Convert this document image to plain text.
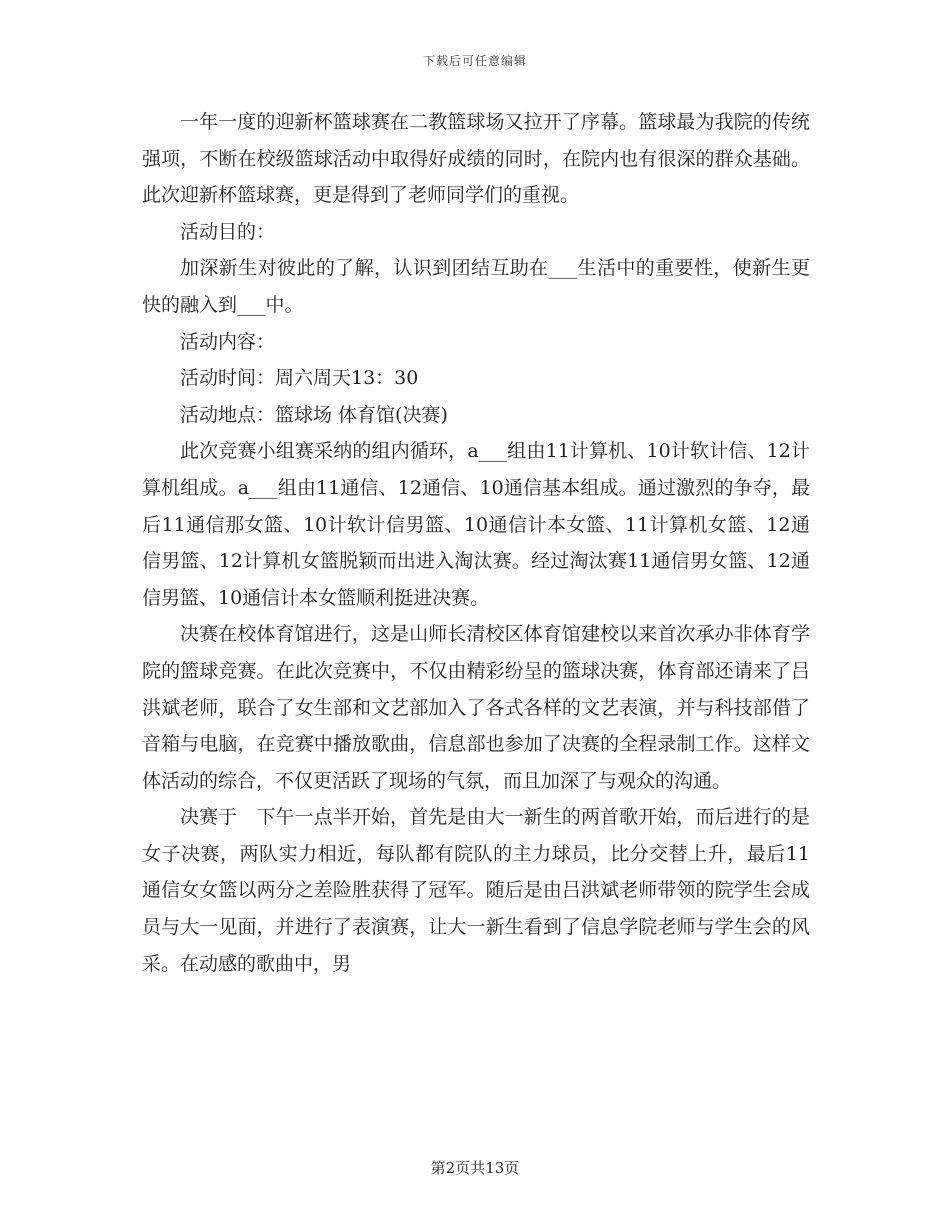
下载后可任意编辑

一年一度的迎新杯篮球赛在二教篮球场又拉开了序幕。篮球最为我院的传统强项，不断在校级篮球活动中取得好成绩的同时，在院内也有很深的群众基础。此次迎新杯篮球赛，更是得到了老师同学们的重视。

活动目的：

加深新生对彼此的了解，认识到团结互助在___生活中的重要性，使新生更快的融入到___中。

活动内容：

活动时间：周六周天13：30

活动地点：篮球场 体育馆(决赛)

此次竞赛小组赛采纳的组内循环，a___组由11计算机、10计软计信、12计算机组成。a___组由11通信、12通信、10通信基本组成。通过激烈的争夺，最后11通信那女篮、10计软计信男篮、10通信计本女篮、11计算机女篮、12通信男篮、12计算机女篮脱颖而出进入淘汰赛。经过淘汰赛11通信男女篮、12通信男篮、10通信计本女篮顺利挺进决赛。

决赛在校体育馆进行，这是山师长清校区体育馆建校以来首次承办非体育学院的篮球竞赛。在此次竞赛中，不仅由精彩纷呈的篮球决赛，体育部还请来了吕洪斌老师，联合了女生部和文艺部加入了各式各样的文艺表演，并与科技部借了音箱与电脑，在竞赛中播放歌曲，信息部也参加了决赛的全程录制工作。这样文体活动的综合，不仅更活跃了现场的气氛，而且加深了与观众的沟通。

决赛于　下午一点半开始，首先是由大一新生的两首歌开始，而后进行的是女子决赛，两队实力相近，每队都有院队的主力球员，比分交替上升，最后11通信女女篮以两分之差险胜获得了冠军。随后是由吕洪斌老师带领的院学生会成员与大一见面，并进行了表演赛，让大一新生看到了信息学院老师与学生会的风采。在动感的歌曲中，男

第2页共13页
